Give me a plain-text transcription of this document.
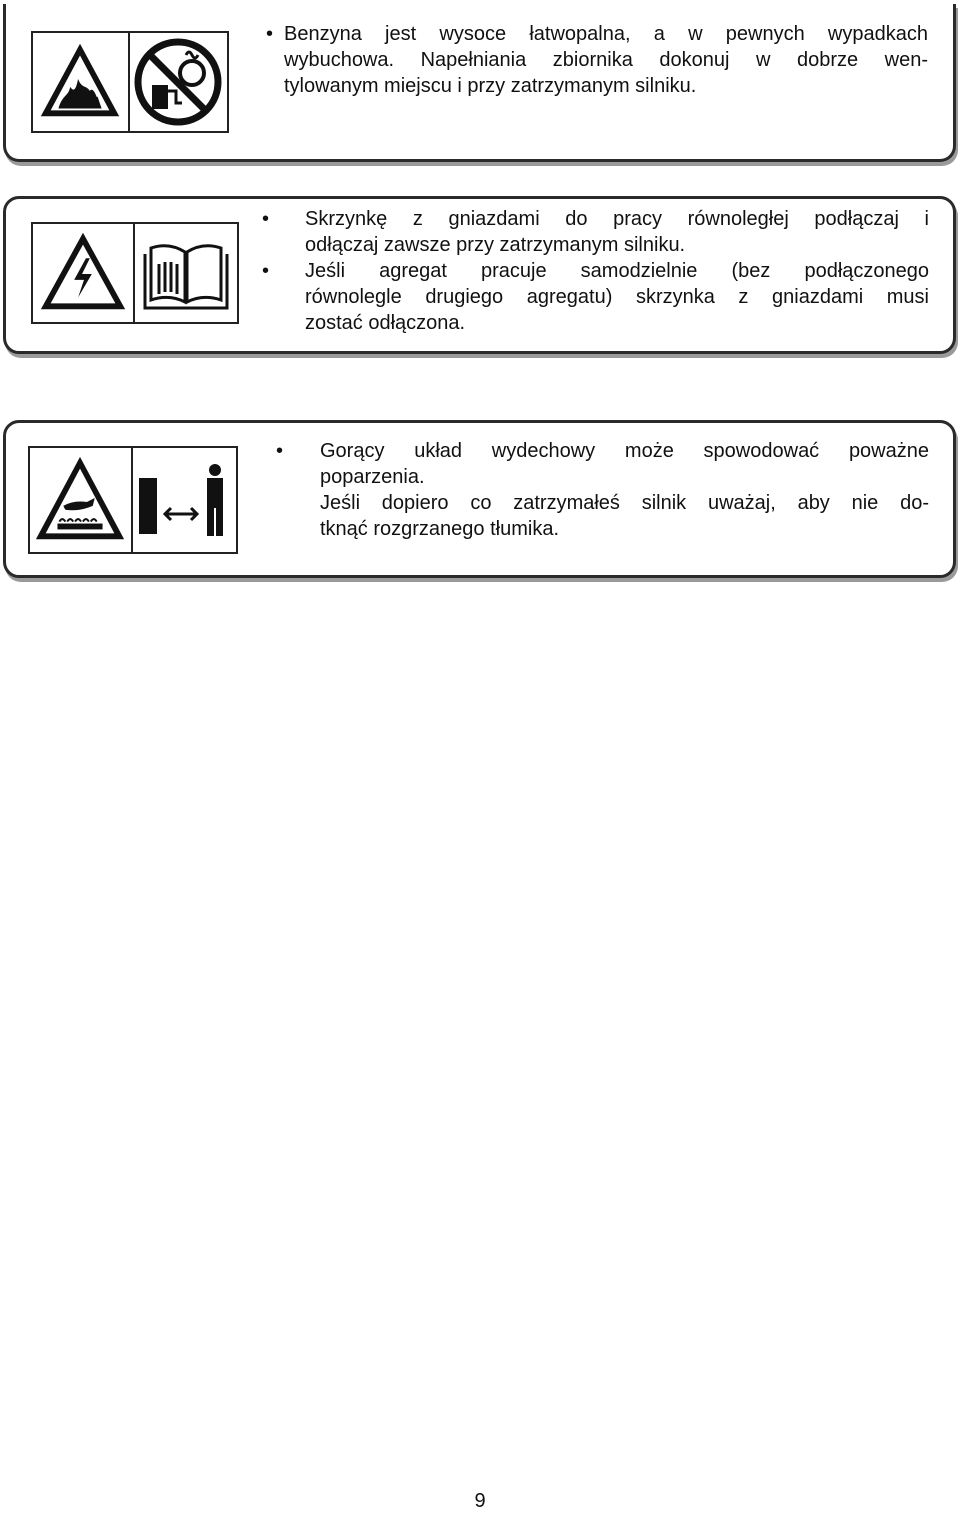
• Benzyna jest wysoce łatwopalna, a w pewnych wypadkach
wybuchowa. Napełniania zbiornika dokonuj w dobrze wen-
tylowanym miejscu i przy zatrzymanym silniku.
• Skrzynkę z gniazdami do pracy równoległej podłączaj i
odłączaj zawsze przy zatrzymanym silniku.
• Jeśli agregat pracuje samodzielnie (bez podłączonego
równolegle drugiego agregatu) skrzynka z gniazdami musi
zostać odłączona.
• Gorący układ wydechowy może spowodować poważne
poparzenia.
Jeśli dopiero co zatrzymałeś silnik uważaj, aby nie do-
tknąć rozgrzanego tłumika.
9
